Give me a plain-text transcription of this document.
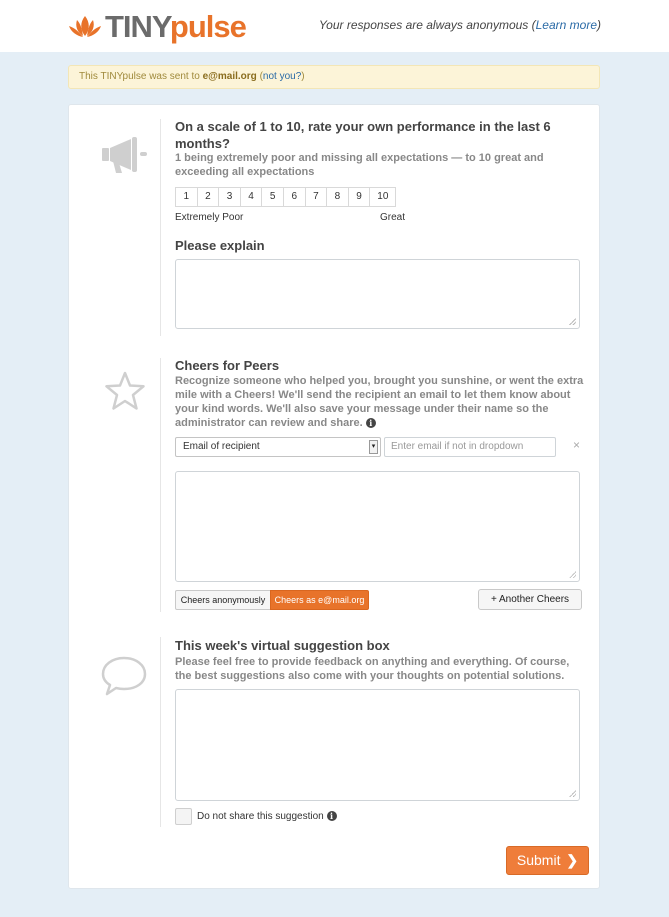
TINYpulse	Your responses are always anonymous (Learn more)
This TINYpulse was sent to e@mail.org (not you?)
On a scale of 1 to 10, rate your own performance in the last 6 months?
1 being extremely poor and missing all expectations — to 10 great and exceeding all expectations
1	2	3	4	5	6	7	8	9	10
Extremely Poor	Great
Please explain
Cheers for Peers
Recognize someone who helped you, brought you sunshine, or went the extra mile with a Cheers! We'll send the recipient an email to let them know about your kind words. We'll also save your message under their name so the administrator can review and share. i
Email of recipient	▾	Enter email if not in dropdown	×
Cheers anonymously	Cheers as e@mail.org	+ Another Cheers
This week's virtual suggestion box
Please feel free to provide feedback on anything and everything. Of course, the best suggestions also come with your thoughts on potential solutions.
Do not share this suggestion i
Submit ❯
